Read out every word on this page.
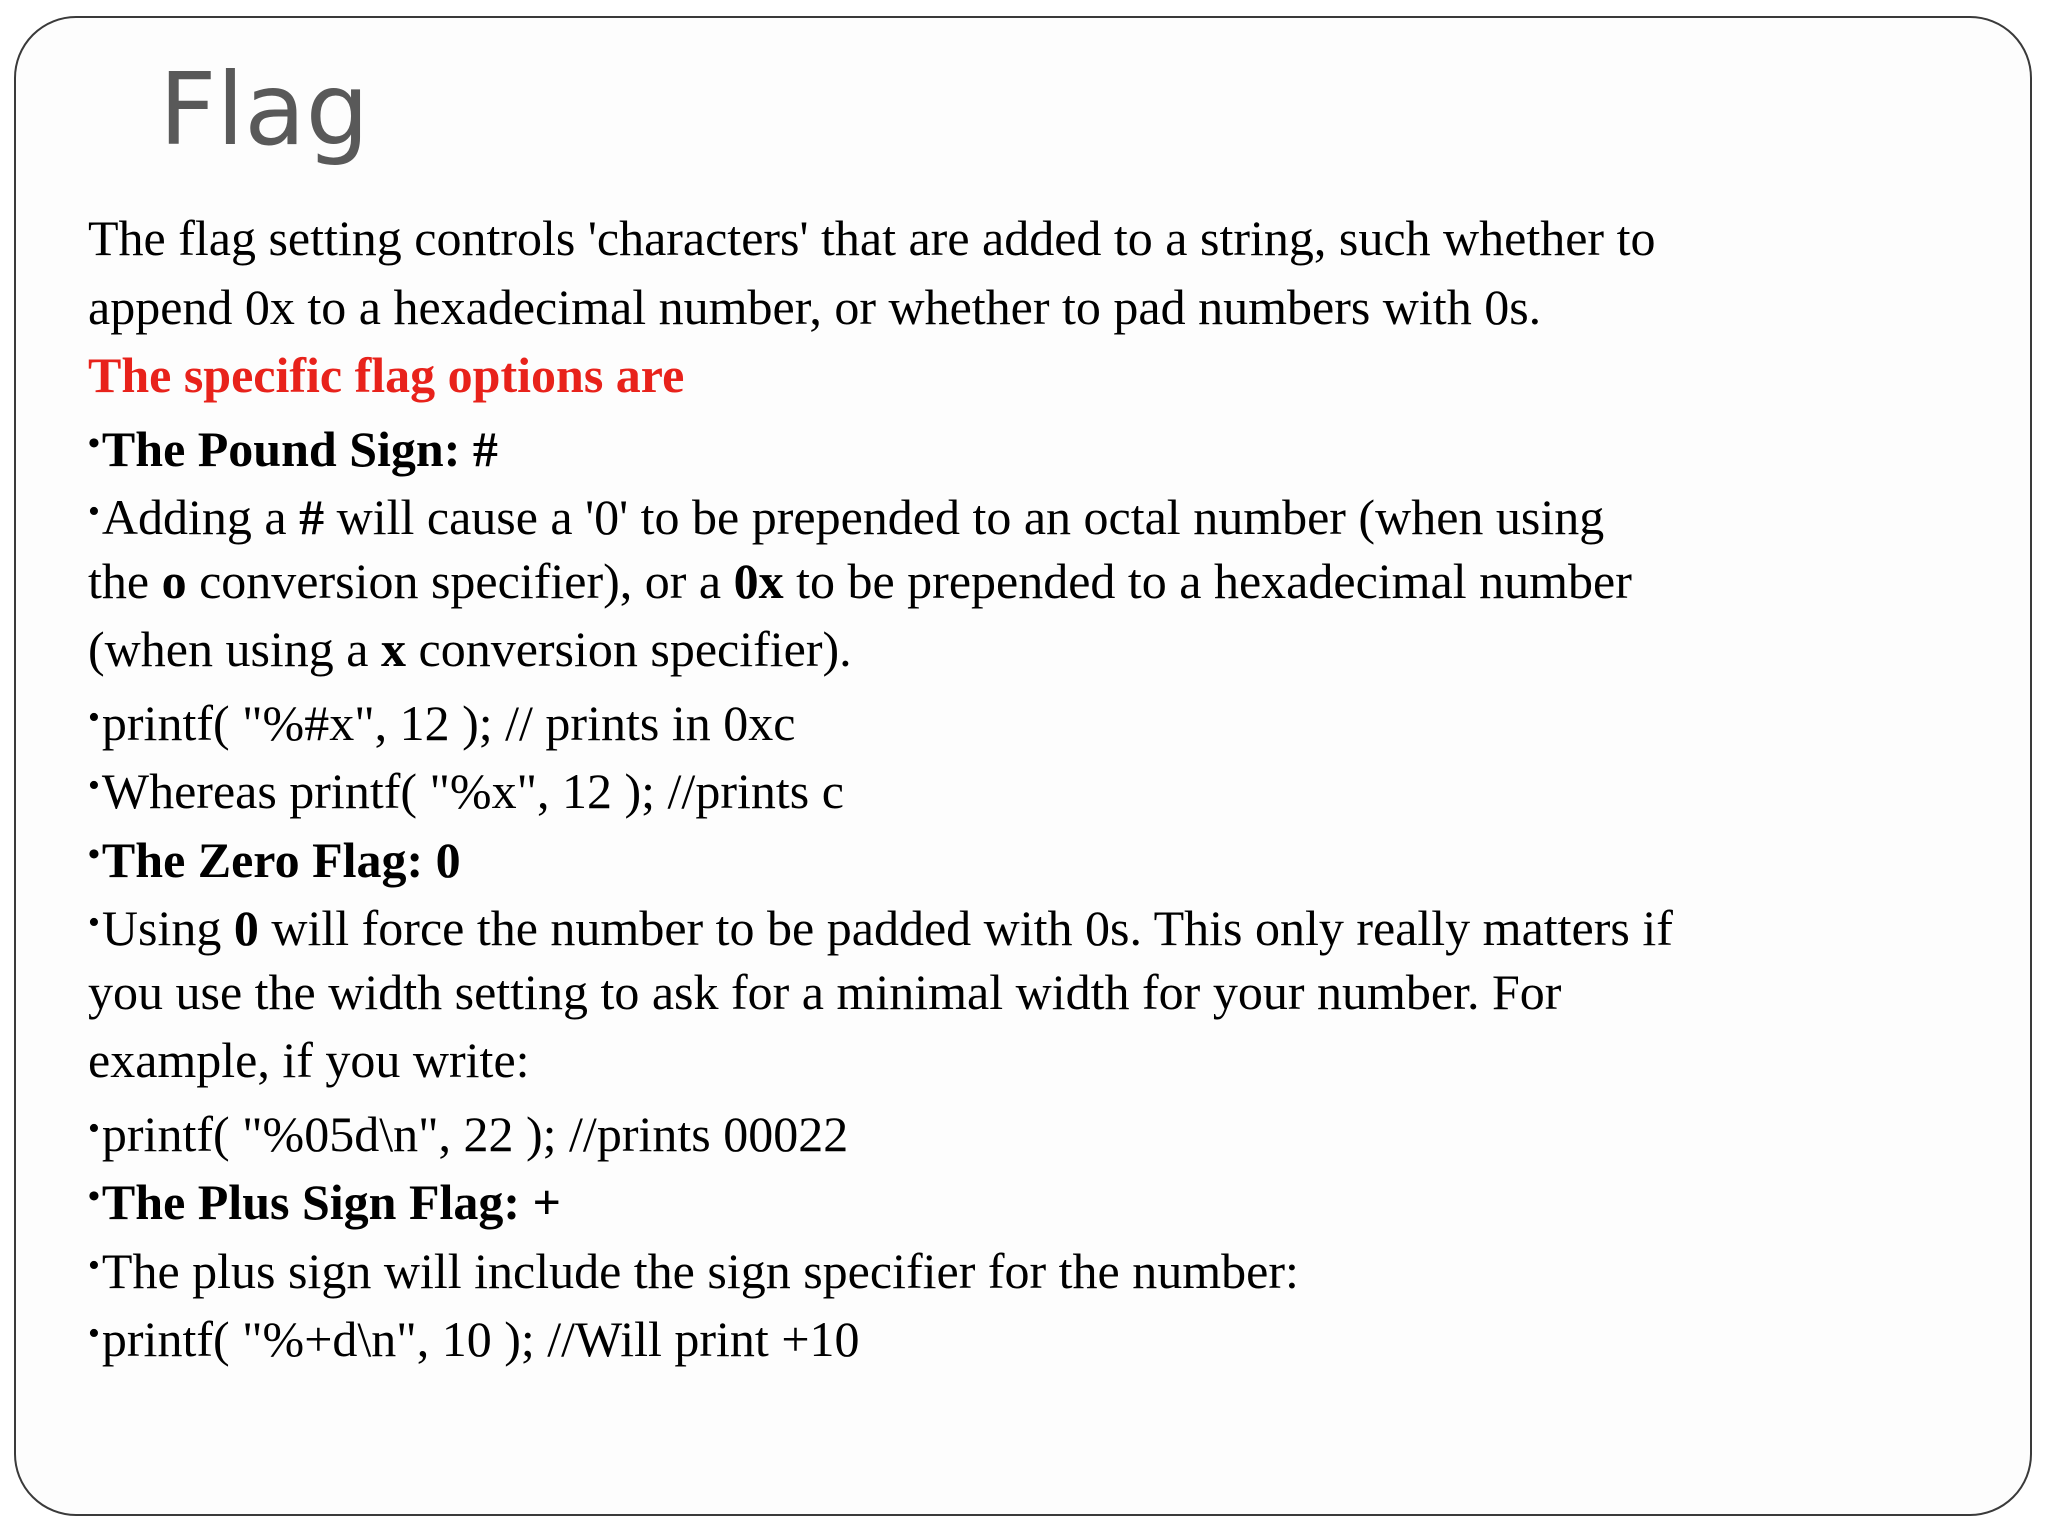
Flag
The flag setting controls 'characters' that are added to a string, such whether to
append 0x to a hexadecimal number, or whether to pad numbers with 0s.
The specific flag options are
•The Pound Sign: #
•Adding a # will cause a '0' to be prepended to an octal number (when using
the o conversion specifier), or a 0x to be prepended to a hexadecimal number
(when using a x conversion specifier).
•printf( "%#x", 12 ); // prints in 0xc
•Whereas printf( "%x", 12 ); //prints c
•The Zero Flag: 0
•Using 0 will force the number to be padded with 0s. This only really matters if
you use the width setting to ask for a minimal width for your number. For
example, if you write:
•printf( "%05d\n", 22 ); //prints 00022
•The Plus Sign Flag: +
•The plus sign will include the sign specifier for the number:
•printf( "%+d\n", 10 ); //Will print +10
